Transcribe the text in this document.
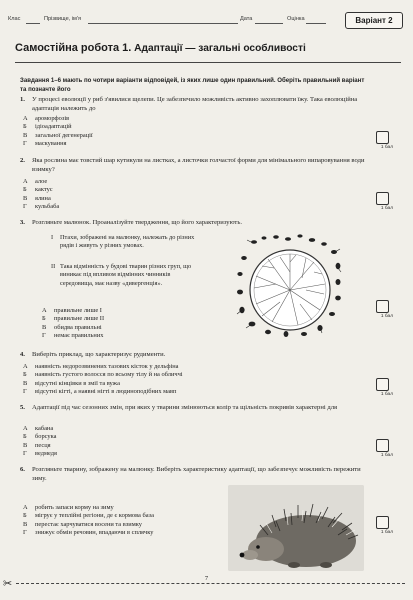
Клас	Прізвище, ім'я	Дата	Оцінка	Варіант 2
Самостійна робота 1. Адаптації — загальні особливості
Завдання 1–6 мають по чотири варіанти відповідей, із яких лише один правильний. Оберіть правильний варіант та позначте його
1. У процесі еволюції у риб з'явилися щелепи. Це забезпечило можливість активно захоплювати їжу. Така еволюційна адаптація належить до
А ароморфозів
Б ідіоадаптацій
В загальної дегенерації
Г маскування
1 бал
2. Яка рослина має товстий шар кутикули на листках, а листочки голчастої форми для мінімального випаровування води взимку?
А алое
Б кактус
В ялина
Г кульбаба	1 бал
3. Розгляньте малюнок. Проаналізуйте твердження, що його характеризують.
I Птахи, зображені на малюнку, належать до різних рядів і живуть у різних умовах.
II Така відмінність у будові тварин різних груп, що виникає під впливом відмінних чинників середовища, має назву «дивергенція».
А правильне лише I
Б правильне лише II
В обидва правильні
Г немає правильних
1 бал
4. Виберіть приклад, що характеризує рудименти.
А наявність недорозвинених тазових кісток у дельфіна
Б наявність густого волосся по всьому тілу й на обличчі
В відсутні кінцівки в змії та вужа
Г відсутні кігті, а наявні нігті в людиноподібних мавп	1 бал
5. Адаптації під час сезонних змін, при яких у тварини змінюються колір та щільність покривів характерні для
А кабана
Б борсука
В песця
Г ведмедя	1 бал
6. Розгляньте тварину, зображену на малюнку. Виберіть характеристику адаптації, що забезпечує можливість пережити зиму.
А робить запаси корму на зиму
Б мігрує у теплійні регіони, де є кормова база
В перестає харчуватися восени та взимку
Г знижує обмін речовин, впадаючи в сплячку	1 бал
7
✂
